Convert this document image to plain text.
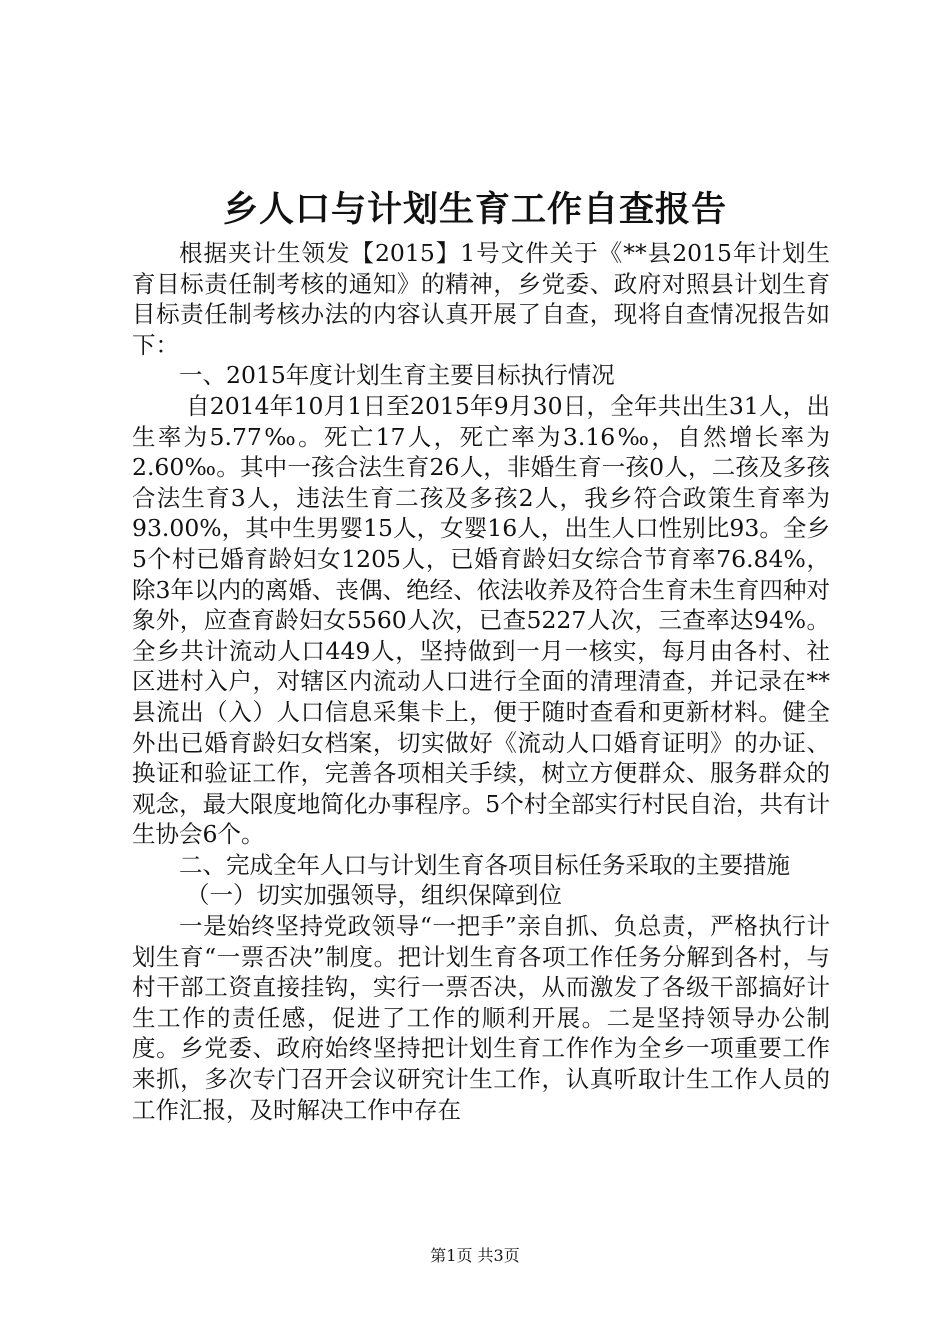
乡人口与计划生育工作自查报告

根据夹计生领发【2015】1号文件关于《**县2015年计划生育目标责任制考核的通知》的精神，乡党委、政府对照县计划生育目标责任制考核办法的内容认真开展了自查，现将自查情况报告如下：

一、2015年度计划生育主要目标执行情况

自2014年10月1日至2015年9月30日，全年共出生31人，出生率为5.77‰。死亡17人，死亡率为3.16‰，自然增长率为2.60‰。其中一孩合法生育26人，非婚生育一孩0人，二孩及多孩合法生育3人，违法生育二孩及多孩2人，我乡符合政策生育率为93.00%，其中生男婴15人，女婴16人，出生人口性别比93。全乡5个村已婚育龄妇女1205人，已婚育龄妇女综合节育率76.84%，除3年以内的离婚、丧偶、绝经、依法收养及符合生育未生育四种对象外，应查育龄妇女5560人次，已查5227人次，三查率达94%。全乡共计流动人口449人，坚持做到一月一核实，每月由各村、社区进村入户，对辖区内流动人口进行全面的清理清查，并记录在**县流出（入）人口信息采集卡上，便于随时查看和更新材料。健全外出已婚育龄妇女档案，切实做好《流动人口婚育证明》的办证、换证和验证工作，完善各项相关手续，树立方便群众、服务群众的观念，最大限度地简化办事程序。5个村全部实行村民自治，共有计生协会6个。

二、完成全年人口与计划生育各项目标任务采取的主要措施

（一）切实加强领导，组织保障到位

一是始终坚持党政领导“一把手”亲自抓、负总责，严格执行计划生育“一票否决”制度。把计划生育各项工作任务分解到各村，与村干部工资直接挂钩，实行一票否决，从而激发了各级干部搞好计生工作的责任感，促进了工作的顺利开展。二是坚持领导办公制度。乡党委、政府始终坚持把计划生育工作作为全乡一项重要工作来抓，多次专门召开会议研究计生工作，认真听取计生工作人员的工作汇报，及时解决工作中存在

第1页 共3页
